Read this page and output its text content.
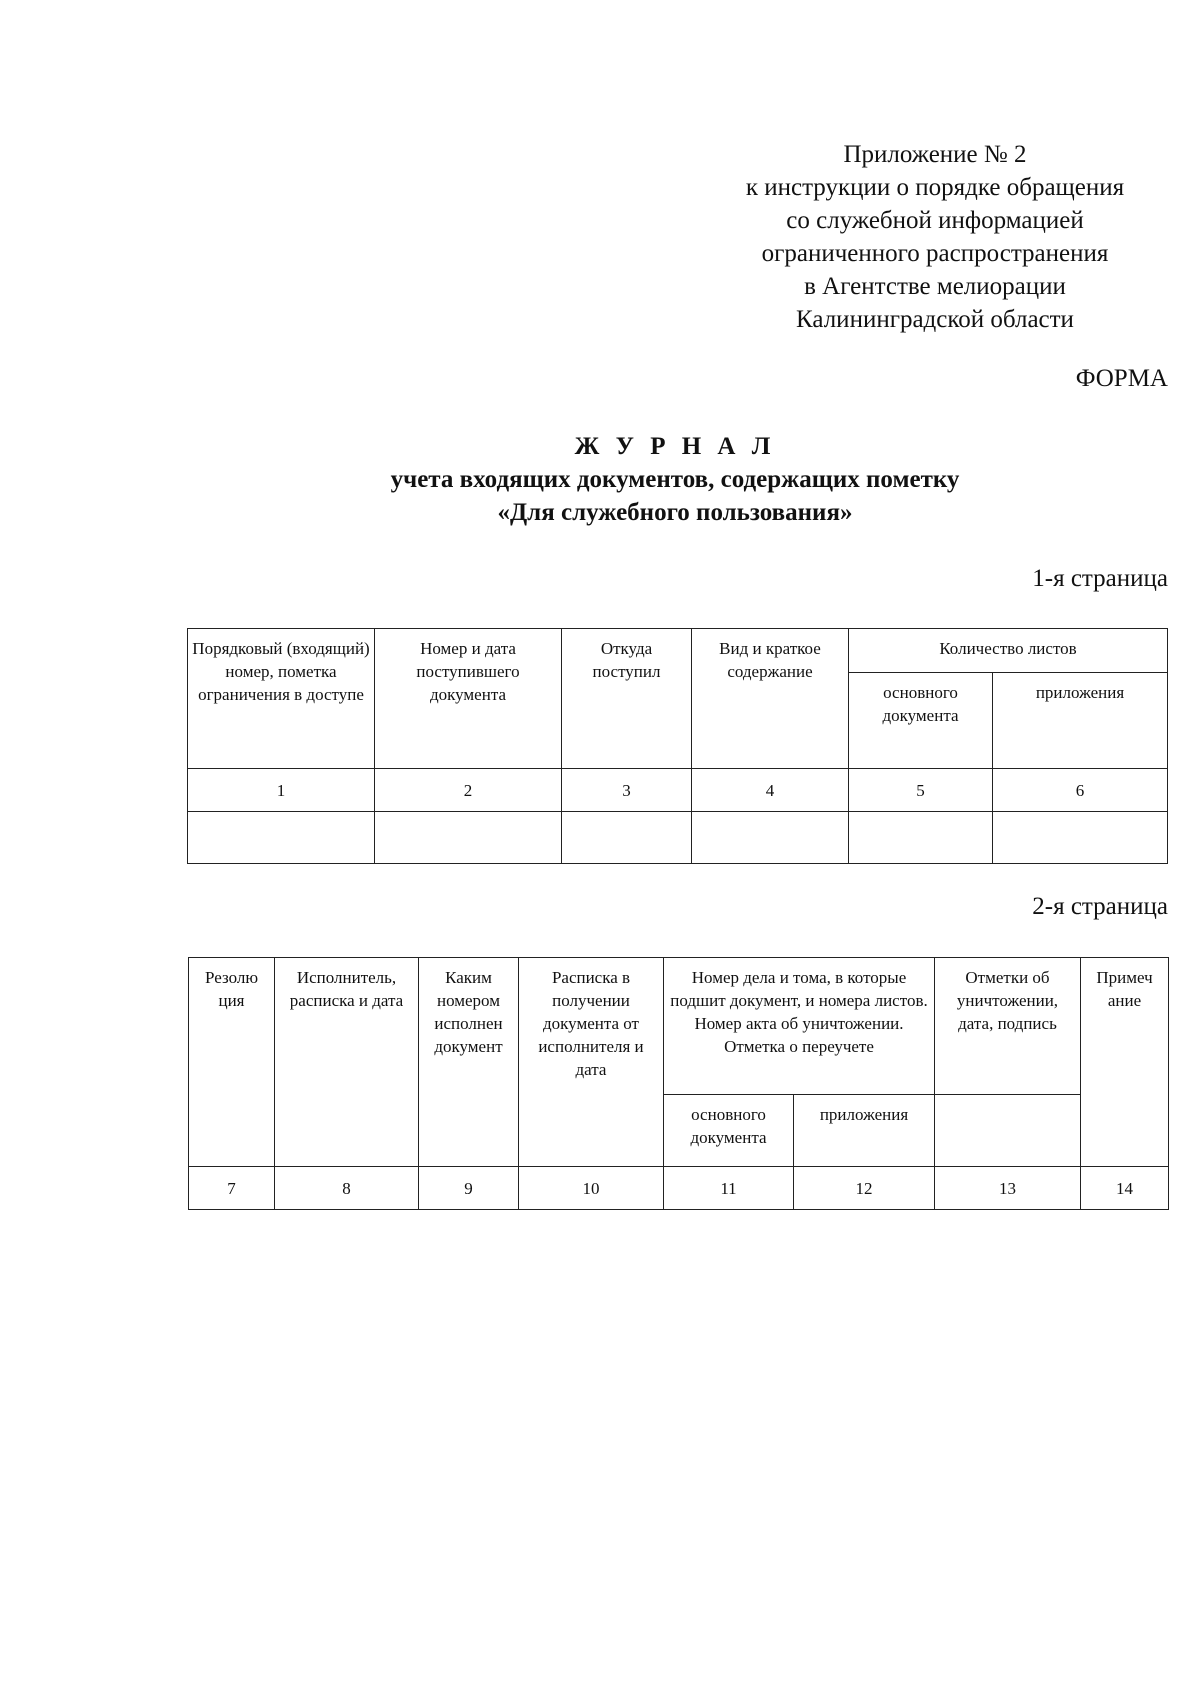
Приложение № 2
к инструкции о порядке обращения
со служебной информацией
ограниченного распространения
в Агентстве мелиорации
Калининградской области
ФОРМА
Ж У Р Н А Л
учета входящих документов, содержащих пометку
«Для служебного пользования»
1-я страница
Порядковый (входящий) номер, пометка ограничения в доступе	Номер и дата поступившего документа	Откуда поступил	Вид и краткое содержание	Количество листов	
				основного документа	приложения
1	2	3	4	5	6

2-я страница
Резолю ция	Исполнитель, расписка и дата	Каким номером исполнен документ	Расписка в получении документа от исполнителя и дата	Номер дела и тома, в которые подшит документ, и номера листов. Номер акта об уничтожении. Отметка о переучете		Отметки об уничтожении, дата, подпись	Примеч ание
				основного документа	приложения		
7	8	9	10	11	12	13	14
